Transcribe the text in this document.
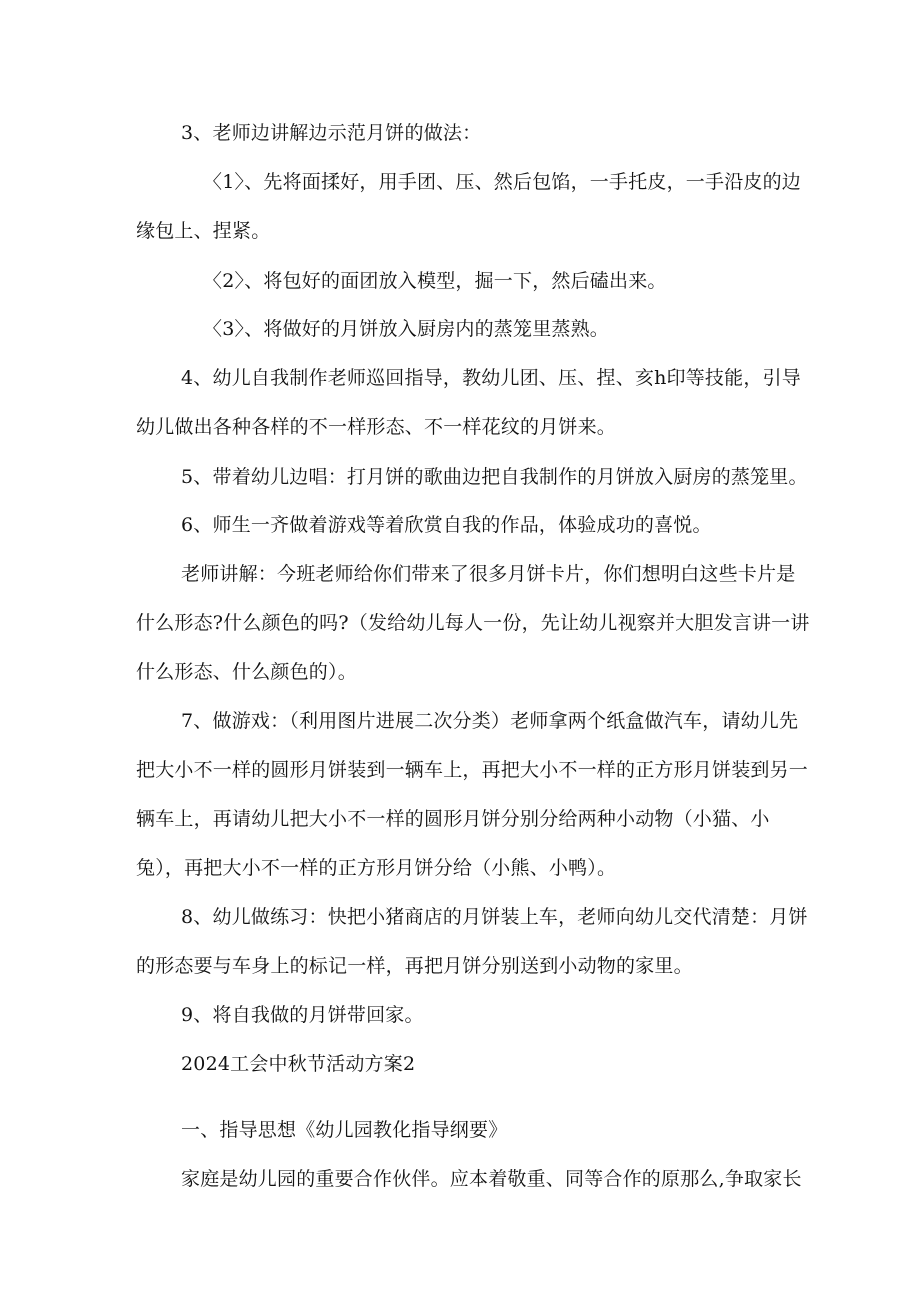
3、老师边讲解边示范月饼的做法：
〈1〉、先将面揉好，用手团、压、然后包馅，一手托皮，一手沿皮的边
缘包上、捏紧。
〈2〉、将包好的面团放入模型，掘一下，然后磕出来。
〈3〉、将做好的月饼放入厨房内的蒸笼里蒸熟。
4、幼儿自我制作老师巡回指导，教幼儿团、压、捏、亥h印等技能，引导
幼儿做出各种各样的不一样形态、不一样花纹的月饼来。
5、带着幼儿边唱：打月饼的歌曲边把自我制作的月饼放入厨房的蒸笼里。
6、师生一齐做着游戏等着欣赏自我的作品，体验成功的喜悦。
老师讲解：今班老师给你们带来了很多月饼卡片，你们想明白这些卡片是
什么形态?什么颜色的吗?（发给幼儿每人一份，先让幼儿视察并大胆发言讲一讲
什么形态、什么颜色的）。
7、做游戏：（利用图片进展二次分类）老师拿两个纸盒做汽车，请幼儿先
把大小不一样的圆形月饼装到一辆车上，再把大小不一样的正方形月饼装到另一
辆车上，再请幼儿把大小不一样的圆形月饼分别分给两种小动物（小猫、小
兔），再把大小不一样的正方形月饼分给（小熊、小鸭）。
8、幼儿做练习：快把小猪商店的月饼装上车，老师向幼儿交代清楚：月饼
的形态要与车身上的标记一样，再把月饼分别送到小动物的家里。
9、将自我做的月饼带回家。
2024工会中秋节活动方案2
一、指导思想《幼儿园教化指导纲要》
家庭是幼儿园的重要合作伙伴。应本着敬重、同等合作的原那么,争取家长
